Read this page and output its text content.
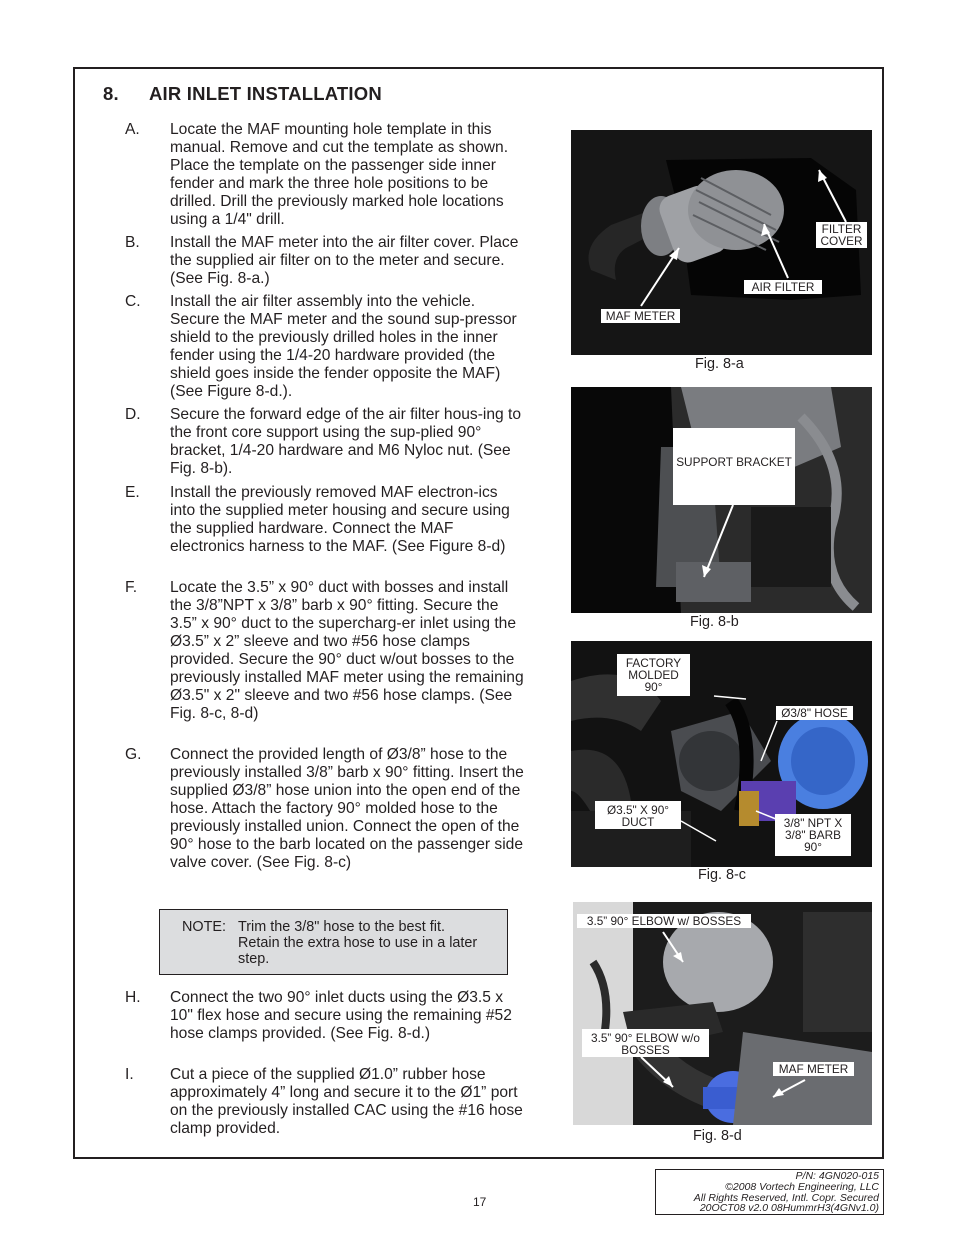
8. AIR INLET INSTALLATION
A. Locate the MAF mounting hole template in this manual. Remove and cut the template as shown. Place the template on the passenger side inner fender and mark the three hole positions to be drilled. Drill the previously marked hole locations using a 1/4" drill.
B. Install the MAF meter into the air filter cover. Place the supplied air filter on to the meter and secure. (See Fig. 8-a.)
C. Install the air filter assembly into the vehicle. Secure the MAF meter and the sound sup-pressor shield to the previously drilled holes in the inner fender using the 1/4-20 hardware provided (the shield goes inside the fender opposite the MAF) (See Figure 8-d.).
D. Secure the forward edge of the air filter hous-ing to the front core support using the sup-plied 90° bracket, 1/4-20 hardware and M6 Nyloc nut. (See Fig. 8-b).
E. Install the previously removed MAF electron-ics into the supplied meter housing and secure using the supplied hardware. Connect the MAF electronics harness to the MAF. (See Figure 8-d)
F. Locate the 3.5” x 90° duct with bosses and install the 3/8”NPT x 3/8” barb x 90° fitting. Secure the 3.5” x 90° duct to the supercharg-er inlet using the Ø3.5” x 2” sleeve and two #56 hose clamps provided. Secure the 90° duct w/out bosses to the previously installed MAF meter using the remaining Ø3.5" x 2" sleeve and two #56 hose clamps. (See Fig. 8-c, 8-d)
G. Connect the provided length of Ø3/8” hose to the previously installed 3/8” barb x 90° fitting. Insert the supplied Ø3/8” hose union into the open end of the hose. Attach the factory 90° molded hose to the previously installed union. Connect the open of the 90° hose to the barb located on the passenger side valve cover. (See Fig. 8-c)
NOTE: Trim the 3/8" hose to the best fit. Retain the extra hose to use in a later step.
H. Connect the two 90° inlet ducts using the Ø3.5 x 10" flex hose and secure using the remaining #52 hose clamps provided. (See Fig. 8-d.)
I. Cut a piece of the supplied Ø1.0” rubber hose approximately 4” long and secure it to the Ø1” port on the previously installed CAC using the #16 hose clamp provided.
FILTER COVER
AIR FILTER
MAF METER
Fig. 8-a
SUPPORT BRACKET
Fig. 8-b
FACTORY MOLDED 90°
Ø3/8" HOSE
Ø3.5" X 90° DUCT	3/8" NPT X 3/8" BARB 90°
Fig. 8-c
3.5” 90° ELBOW w/ BOSSES
3.5” 90° ELBOW w/o BOSSES
MAF METER
Fig. 8-d
17
P/N: 4GN020-015
©2008 Vortech Engineering, LLC
All Rights Reserved, Intl. Copr. Secured
20OCT08 v2.0 08HummrH3(4GNv1.0)
